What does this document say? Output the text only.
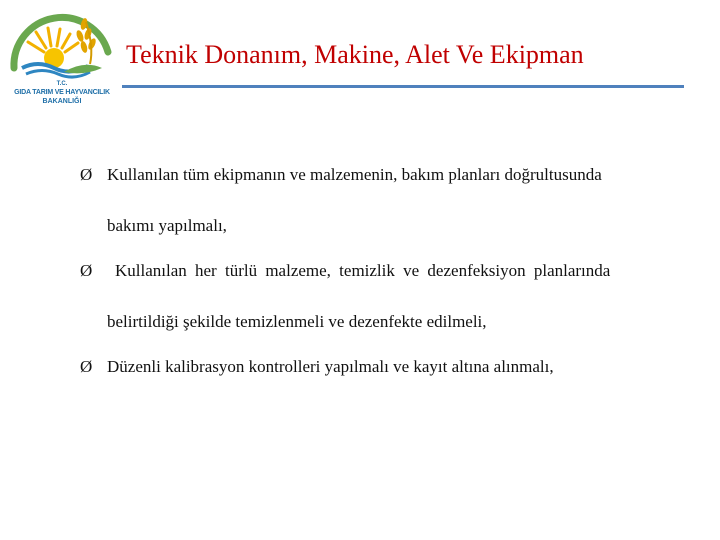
T.C.
GIDA TARIM VE HAYVANCILIK
BAKANLIĞI
Teknik Donanım, Makine, Alet Ve Ekipman
Ø Kullanılan tüm ekipmanın ve malzemenin, bakım planları doğrultusunda
bakımı yapılmalı,
Ø Kullanılan her türlü malzeme, temizlik ve dezenfeksiyon planlarında
belirtildiği şekilde temizlenmeli ve dezenfekte edilmeli,
Ø Düzenli kalibrasyon kontrolleri yapılmalı ve kayıt altına alınmalı,
